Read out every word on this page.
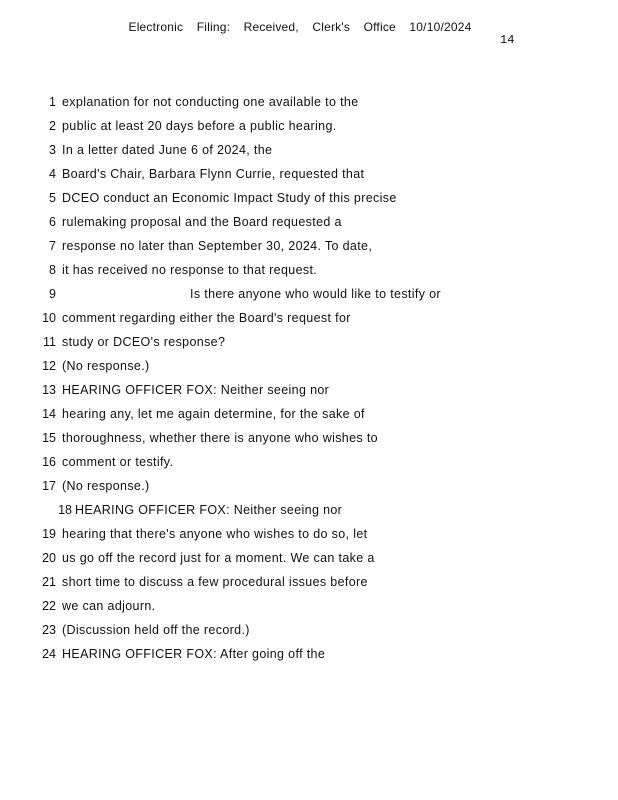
Electronic Filing: Received, Clerk's Office 10/10/2024
14
1 explanation for not conducting one available to the
2 public at least 20 days before a public hearing.
3 In a letter dated June 6 of 2024, the
4 Board's Chair, Barbara Flynn Currie, requested that
5 DCEO conduct an Economic Impact Study of this precise
6 rulemaking proposal and the Board requested a
7 response no later than September 30, 2024. To date,
8 it has received no response to that request.
9	Is there anyone who would like to testify or
10 comment regarding either the Board's request for
11 study or DCEO's response?
12 (No response.)
13 HEARING OFFICER FOX: Neither seeing nor
14 hearing any, let me again determine, for the sake of
15 thoroughness, whether there is anyone who wishes to
16 comment or testify.
17 (No response.)
18 HEARING OFFICER FOX: Neither seeing nor
19 hearing that there's anyone who wishes to do so, let
20 us go off the record just for a moment. We can take a
21 short time to discuss a few procedural issues before
22 we can adjourn.
23 (Discussion held off the record.)
24 HEARING OFFICER FOX: After going off the
